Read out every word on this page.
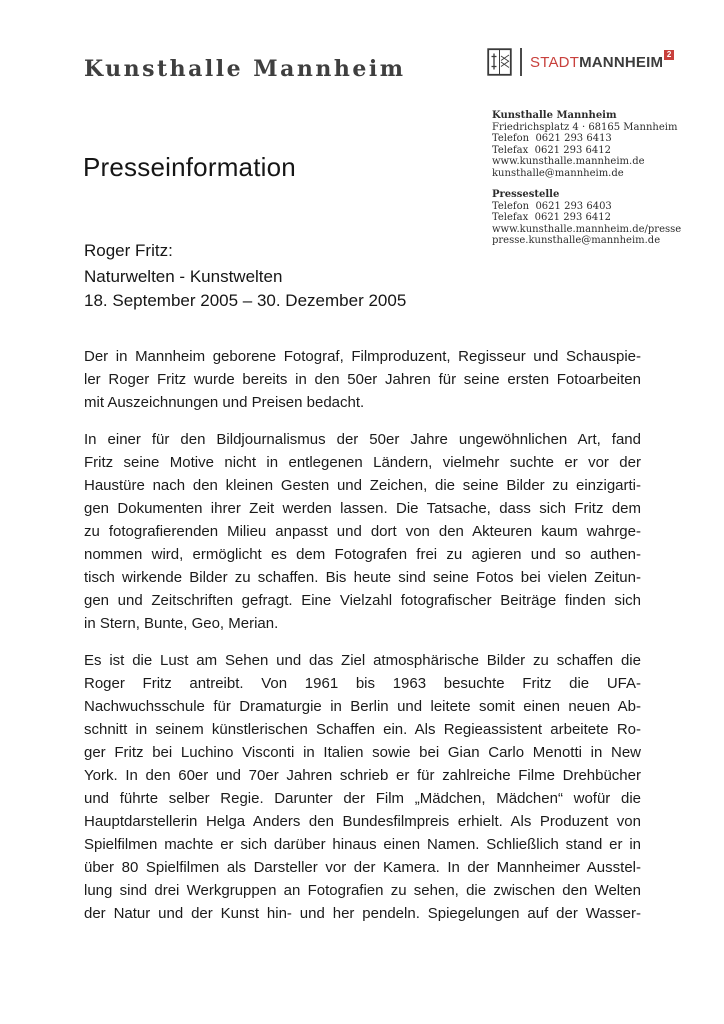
Kunsthalle Mannheim	STADTMANNHEIM 2
Kunsthalle Mannheim
Friedrichsplatz 4 · 68165 Mannheim
Telefon  0621 293 6413
Telefax  0621 293 6412
www.kunsthalle.mannheim.de
kunsthalle@mannheim.de
Pressestelle
Telefon  0621 293 6403
Telefax  0621 293 6412
www.kunsthalle.mannheim.de/presse
presse.kunsthalle@mannheim.de
Presseinformation
Roger Fritz:
Naturwelten - Kunstwelten
18. September 2005 – 30. Dezember 2005
Der in Mannheim geborene Fotograf, Filmproduzent, Regisseur und Schauspie-
ler Roger Fritz wurde bereits in den 50er Jahren für seine ersten Fotoarbeiten
mit Auszeichnungen und Preisen bedacht.
In einer für den Bildjournalismus der 50er Jahre ungewöhnlichen Art, fand
Fritz seine Motive nicht in entlegenen Ländern, vielmehr suchte er vor der
Haustüre nach den kleinen Gesten und Zeichen, die seine Bilder zu einzigarti-
gen Dokumenten ihrer Zeit werden lassen. Die Tatsache, dass sich Fritz dem
zu fotografierenden Milieu anpasst und dort von den Akteuren kaum wahrge-
nommen wird, ermöglicht es dem Fotografen frei zu agieren und so authen-
tisch wirkende Bilder zu schaffen. Bis heute sind seine Fotos bei vielen Zeitun-
gen und Zeitschriften gefragt. Eine Vielzahl fotografischer Beiträge finden sich
in Stern, Bunte, Geo, Merian.
Es ist die Lust am Sehen und das Ziel atmosphärische Bilder zu schaffen die
Roger Fritz antreibt. Von 1961 bis 1963 besuchte Fritz die UFA-
Nachwuchsschule für Dramaturgie in Berlin und leitete somit einen neuen Ab-
schnitt in seinem künstlerischen Schaffen ein. Als Regieassistent arbeitete Ro-
ger Fritz bei Luchino Visconti in Italien sowie bei Gian Carlo Menotti in New
York. In den 60er und 70er Jahren schrieb er für zahlreiche Filme Drehbücher
und führte selber Regie. Darunter der Film „Mädchen, Mädchen“ wofür die
Hauptdarstellerin Helga Anders den Bundesfilmpreis erhielt. Als Produzent von
Spielfilmen machte er sich darüber hinaus einen Namen. Schließlich stand er in
über 80 Spielfilmen als Darsteller vor der Kamera. In der Mannheimer Ausstel-
lung sind drei Werkgruppen an Fotografien zu sehen, die zwischen den Welten
der Natur und der Kunst hin- und her pendeln. Spiegelungen auf der Wasser-
